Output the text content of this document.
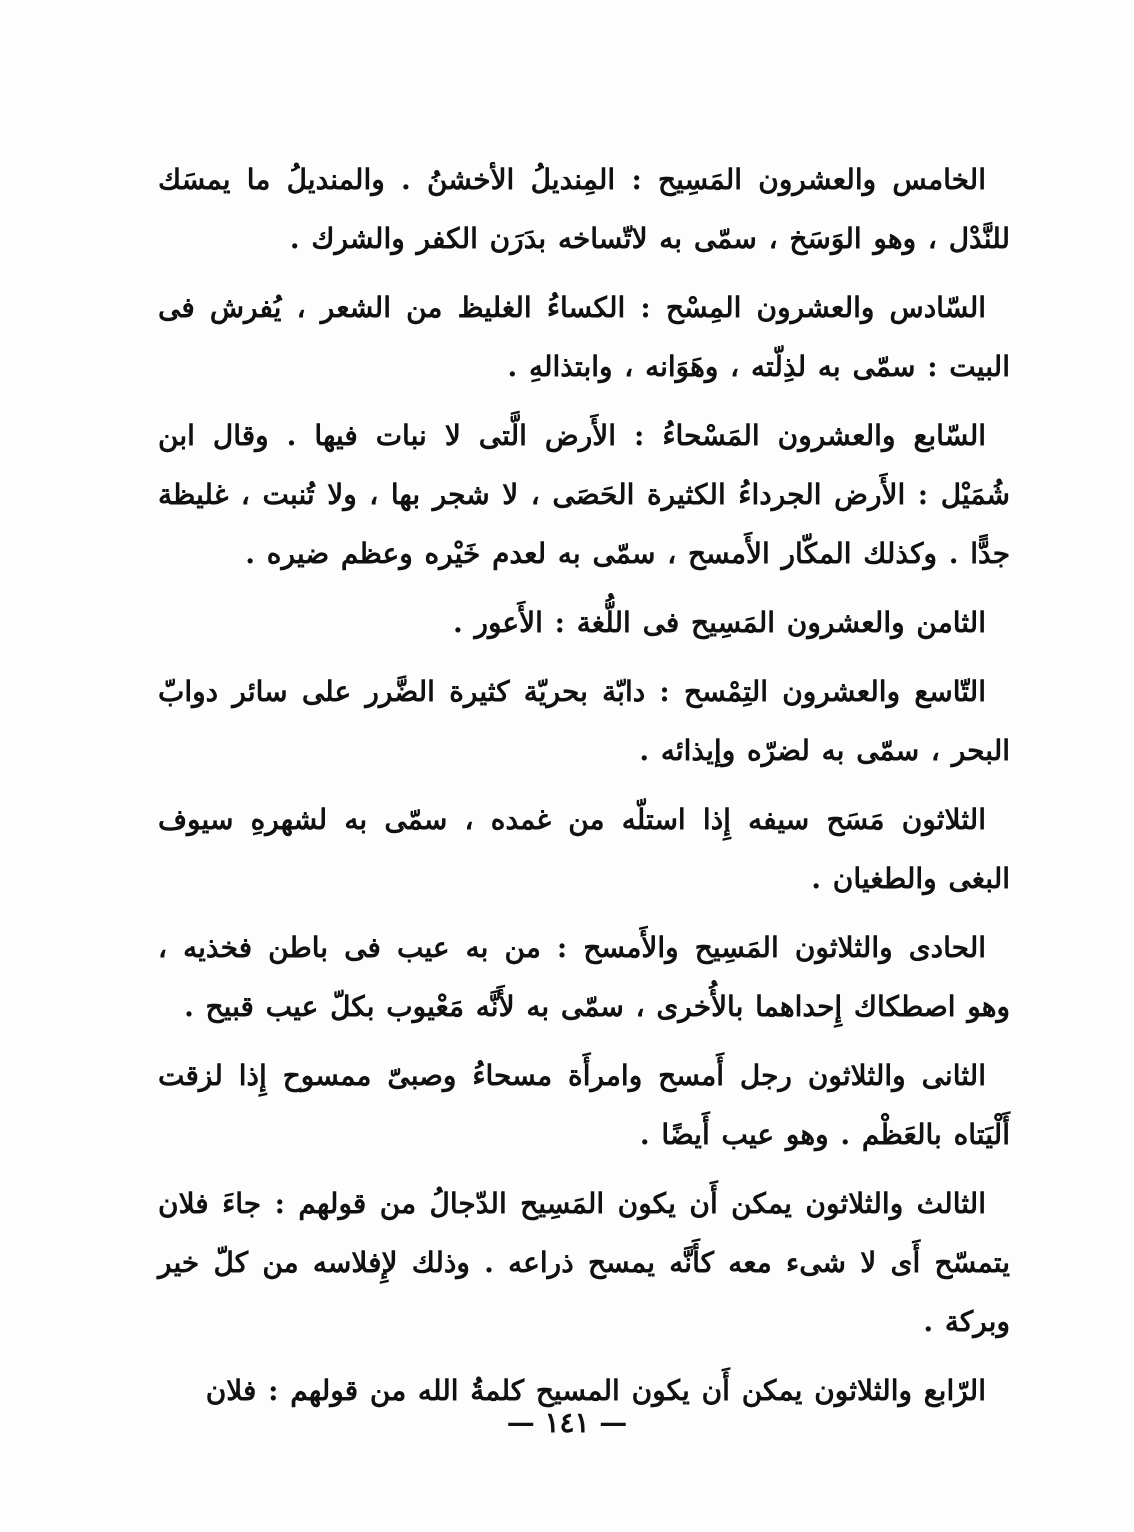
الخامس والعشرون المَسِيح : المِنديلُ الأخشنُ . والمنديلُ ما يمسَك للنَّدْل ، وهو الوَسَخ ، سمّى به لاتّساخه بدَرَن الكفر والشرك .

السّادس والعشرون المِسْح : الكساءُ الغليظ من الشعر ، يُفرش فى البيت : سمّى به لذِلّته ، وهَوَانه ، وابتذالهِ .

السّابع والعشرون المَسْحاءُ : الأَرض الَّتى لا نبات فيها . وقال ابن شُمَيْل : الأَرض الجرداءُ الكثيرة الحَصَى ، لا شجر بها ، ولا تُنبت ، غليظة جدًّا . وكذلك المكّار الأَمسح ، سمّى به لعدم خَيْره وعظم ضيره .

الثامن والعشرون المَسِيح فى اللُّغة : الأَعور .

التّاسع والعشرون التِمْسح : دابّة بحريّة كثيرة الضَّرر على سائر دوابّ البحر ، سمّى به لضرّه وإيذائه .

الثلاثون مَسَح سيفه إِذا استلّه من غمده ، سمّى به لشهرهِ سيوف البغى والطغيان .

الحادى والثلاثون المَسِيح والأَمسح : من به عيب فى باطن فخذيه ، وهو اصطكاك إِحداهما بالأُخرى ، سمّى به لأَنَّه مَعْيوب بكلّ عيب قبيح .

الثانى والثلاثون رجل أَمسح وامرأَة مسحاءُ وصبىّ ممسوح إِذا لزقت أَلْيَتاه بالعَظْم . وهو عيب أَيضًا .

الثالث والثلاثون يمكن أَن يكون المَسِيح الدّجالُ من قولهم : جاءَ فلان يتمسّح أَى لا شىء معه كأَنَّه يمسح ذراعه . وذلك لإِفلاسه من كلّ خير وبركة .

الرّابع والثلاثون يمكن أَن يكون المسيح كلمةُ الله من قولهم : فلان

— ١٤١ —
